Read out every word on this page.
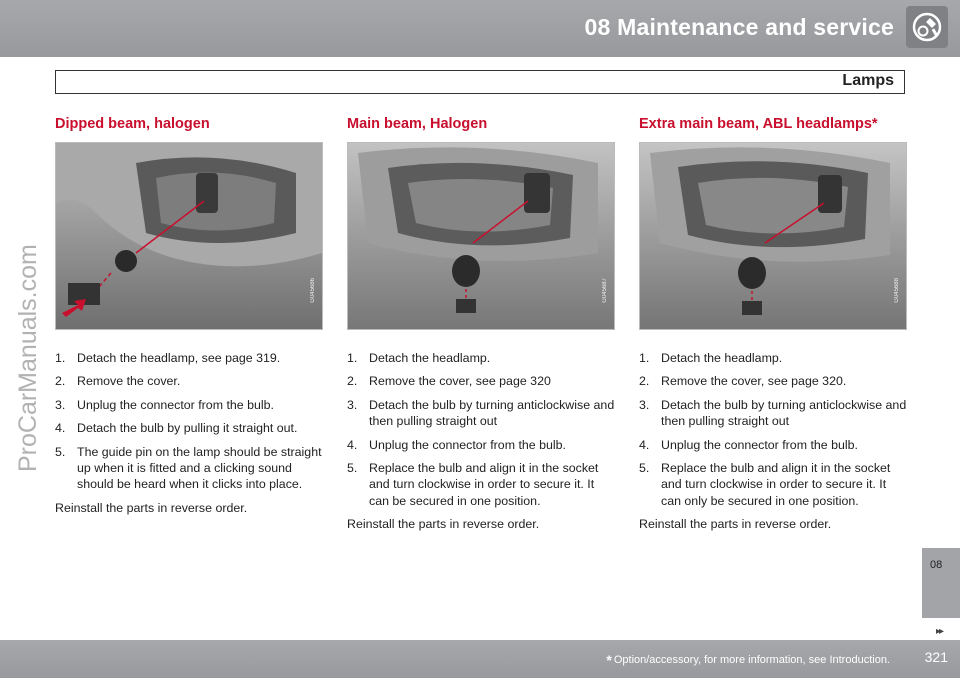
08 Maintenance and service
Lamps
Dipped beam, halogen
G045686
1. Detach the headlamp, see page 319.
2. Remove the cover.
3. Unplug the connector from the bulb.
4. Detach the bulb by pulling it straight out.
5. The guide pin on the lamp should be straight up when it is fitted and a clicking sound should be heard when it clicks into place.
Reinstall the parts in reverse order.
Main beam, Halogen
G045687
1. Detach the headlamp.
2. Remove the cover, see page 320
3. Detach the bulb by turning anticlockwise and then pulling straight out
4. Unplug the connector from the bulb.
5. Replace the bulb and align it in the socket and turn clockwise in order to secure it. It can be secured in one position.
Reinstall the parts in reverse order.
Extra main beam, ABL headlamps*
G045688
1. Detach the headlamp.
2. Remove the cover, see page 320.
3. Detach the bulb by turning anticlockwise and then pulling straight out
4. Unplug the connector from the bulb.
5. Replace the bulb and align it in the socket and turn clockwise in order to secure it. It can only be secured in one position.
Reinstall the parts in reverse order.
08
▸▸
* Option/accessory, for more information, see Introduction. 321
ProCarManuals.com
